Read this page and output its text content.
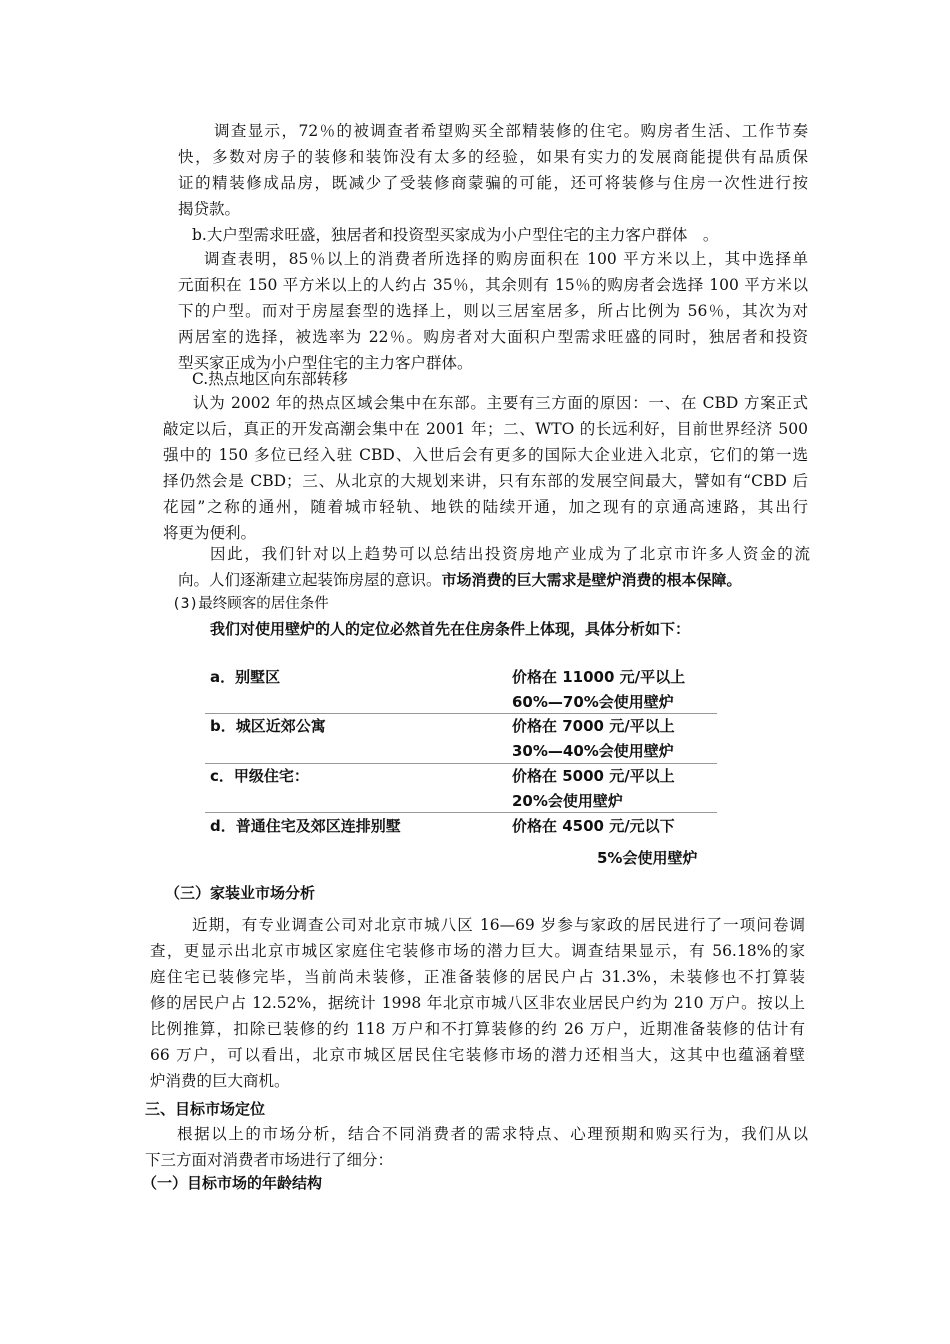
调查显示，72％的被调查者希望购买全部精装修的住宅。购房者生活、工作节奏
快，多数对房子的装修和装饰没有太多的经验，如果有实力的发展商能提供有品质保
证的精装修成品房，既减少了受装修商蒙骗的可能，还可将装修与住房一次性进行按
揭贷款。
b.大户型需求旺盛，独居者和投资型买家成为小户型住宅的主力客户群体　。
调查表明，85％以上的消费者所选择的购房面积在 100 平方米以上，其中选择单
元面积在 150 平方米以上的人约占 35％，其余则有 15％的购房者会选择 100 平方米以
下的户型。而对于房屋套型的选择上，则以三居室居多，所占比例为 56％，其次为对
两居室的选择，被选率为 22％。购房者对大面积户型需求旺盛的同时，独居者和投资
型买家正成为小户型住宅的主力客户群体。
C.热点地区向东部转移
认为 2002 年的热点区域会集中在东部。主要有三方面的原因：一、在 CBD 方案正式
敲定以后，真正的开发高潮会集中在 2001 年；二、WTO 的长远利好，目前世界经济 500
强中的 150 多位已经入驻 CBD、入世后会有更多的国际大企业进入北京，它们的第一选
择仍然会是 CBD；三、从北京的大规划来讲，只有东部的发展空间最大，譬如有“CBD 后
花园”之称的通州，随着城市轻轨、地铁的陆续开通，加之现有的京通高速路，其出行
将更为便利。
因此，我们针对以上趋势可以总结出投资房地产业成为了北京市许多人资金的流
向。人们逐渐建立起装饰房屋的意识。市场消费的巨大需求是壁炉消费的根本保障。
(3)最终顾客的居住条件
我们对使用壁炉的人的定位必然首先在住房条件上体现，具体分析如下：
a．别墅区	价格在 11000 元/平以上
60%—70%会使用壁炉
b．城区近郊公寓	价格在 7000 元/平以上
30%—40%会使用壁炉
c．甲级住宅：	价格在 5000 元/平以上
20%会使用壁炉
d．普通住宅及郊区连排别墅	价格在 4500 元/元以下
5%会使用壁炉
（三）家装业市场分析
近期，有专业调查公司对北京市城八区 16—69 岁参与家政的居民进行了一项问卷调
查，更显示出北京市城区家庭住宅装修市场的潜力巨大。调查结果显示，有 56.18%的家
庭住宅已装修完毕，当前尚未装修，正准备装修的居民户占 31.3%，未装修也不打算装
修的居民户占 12.52%，据统计 1998 年北京市城八区非农业居民户约为 210 万户。按以上
比例推算，扣除已装修的约 118 万户和不打算装修的约 26 万户，近期准备装修的估计有
66 万户，可以看出，北京市城区居民住宅装修市场的潜力还相当大，这其中也蕴涵着壁
炉消费的巨大商机。
三、目标市场定位
根据以上的市场分析，结合不同消费者的需求特点、心理预期和购买行为，我们从以
下三方面对消费者市场进行了细分：
（一）目标市场的年龄结构
